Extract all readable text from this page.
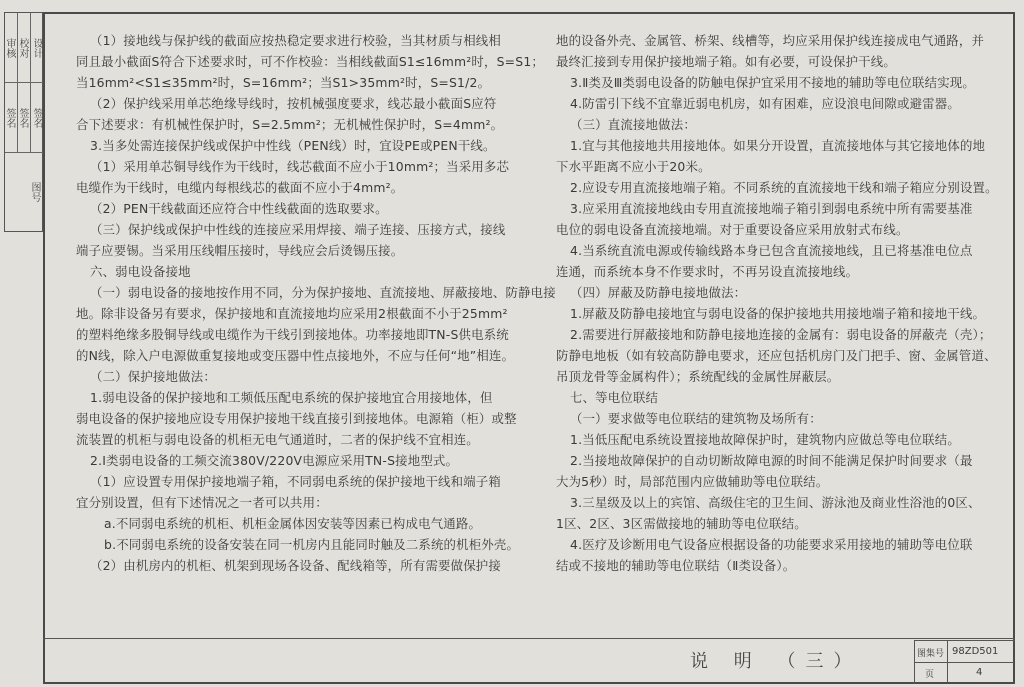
审核 校对 设计
签名 签名 签名
图号

（1）接地线与保护线的截面应按热稳定要求进行校验，当其材质与相线相

同且最小截面S符合下述要求时，可不作校验：当相线截面S1≤16mm²时，S=S1；

当16mm²<S1≤35mm²时，S=16mm²；当S1>35mm²时，S=S1/2。

（2）保护线采用单芯绝缘导线时，按机械强度要求，线芯最小截面S应符

合下述要求：有机械性保护时，S=2.5mm²；无机械性保护时，S=4mm²。

3.当多处需连接保护线或保护中性线（PEN线）时，宜设PE或PEN干线。

（1）采用单芯铜导线作为干线时，线芯截面不应小于10mm²；当采用多芯

电缆作为干线时，电缆内每根线芯的截面不应小于4mm²。

（2）PEN干线截面还应符合中性线截面的选取要求。

（三）保护线或保护中性线的连接应采用焊接、端子连接、压接方式，接线

端子应要锡。当采用压线帽压接时，导线应会后烫锡压接。

六、弱电设备接地

（一）弱电设备的接地按作用不同，分为保护接地、直流接地、屏蔽接地、防静电接

地。除非设备另有要求，保护接地和直流接地均应采用2根截面不小于25mm²

的塑料绝缘多股铜导线或电缆作为干线引到接地体。功率接地即TN-S供电系统

的N线，除入户电源做重复接地或变压器中性点接地外，不应与任何“地”相连。

（二）保护接地做法：

1.弱电设备的保护接地和工频低压配电系统的保护接地宜合用接地体，但

弱电设备的保护接地应设专用保护接地干线直接引到接地体。电源箱（柜）或整

流装置的机柜与弱电设备的机柜无电气通道时，二者的保护线不宜相连。

2.Ⅰ类弱电设备的工频交流380V/220V电源应采用TN-S接地型式。

（1）应设置专用保护接地端子箱，不同弱电系统的保护接地干线和端子箱

宜分别设置，但有下述情况之一者可以共用：

a.不同弱电系统的机柜、机柜金属体因安装等因素已构成电气通路。

b.不同弱电系统的设备安装在同一机房内且能同时触及二系统的机柜外壳。

（2）由机房内的机柜、机架到现场各设备、配线箱等，所有需要做保护接

地的设备外壳、金属管、桥架、线槽等，均应采用保护线连接成电气通路，并

最终汇接到专用保护接地端子箱。如有必要，可设保护干线。

3.Ⅱ类及Ⅲ类弱电设备的防触电保护宜采用不接地的辅助等电位联结实现。

4.防雷引下线不宜靠近弱电机房，如有困难，应设浪电间隙或避雷器。

（三）直流接地做法：

1.宜与其他接地共用接地体。如果分开设置，直流接地体与其它接地体的地

下水平距离不应小于20米。

2.应设专用直流接地端子箱。不同系统的直流接地干线和端子箱应分别设置。

3.应采用直流接地线由专用直流接地端子箱引到弱电系统中所有需要基准

电位的弱电设备直流接地端。对于重要设备应采用放射式布线。

4.当系统直流电源或传输线路本身已包含直流接地线，且已将基准电位点

连通，而系统本身不作要求时，不再另设直流接地线。

（四）屏蔽及防静电接地做法：

1.屏蔽及防静电接地宜与弱电设备的保护接地共用接地端子箱和接地干线。

2.需要进行屏蔽接地和防静电接地连接的金属有：弱电设备的屏蔽壳（壳）；

防静电地板（如有较高防静电要求，还应包括机房门及门把手、窗、金属管道、

吊顶龙骨等金属构件）；系统配线的金属性屏蔽层。

七、等电位联结

（一）要求做等电位联结的建筑物及场所有：

1.当低压配电系统设置接地故障保护时，建筑物内应做总等电位联结。

2.当接地故障保护的自动切断故障电源的时间不能满足保护时间要求（最

大为5秒）时，局部范围内应做辅助等电位联结。

3.三星级及以上的宾馆、高级住宅的卫生间、游泳池及商业性浴池的0区、

1区、2区、3区需做接地的辅助等电位联结。

4.医疗及诊断用电气设备应根据设备的功能要求采用接地的辅助等电位联

结或不接地的辅助等电位联结（Ⅱ类设备）。

说 明 （三）	图集号 98ZD501
页	4
